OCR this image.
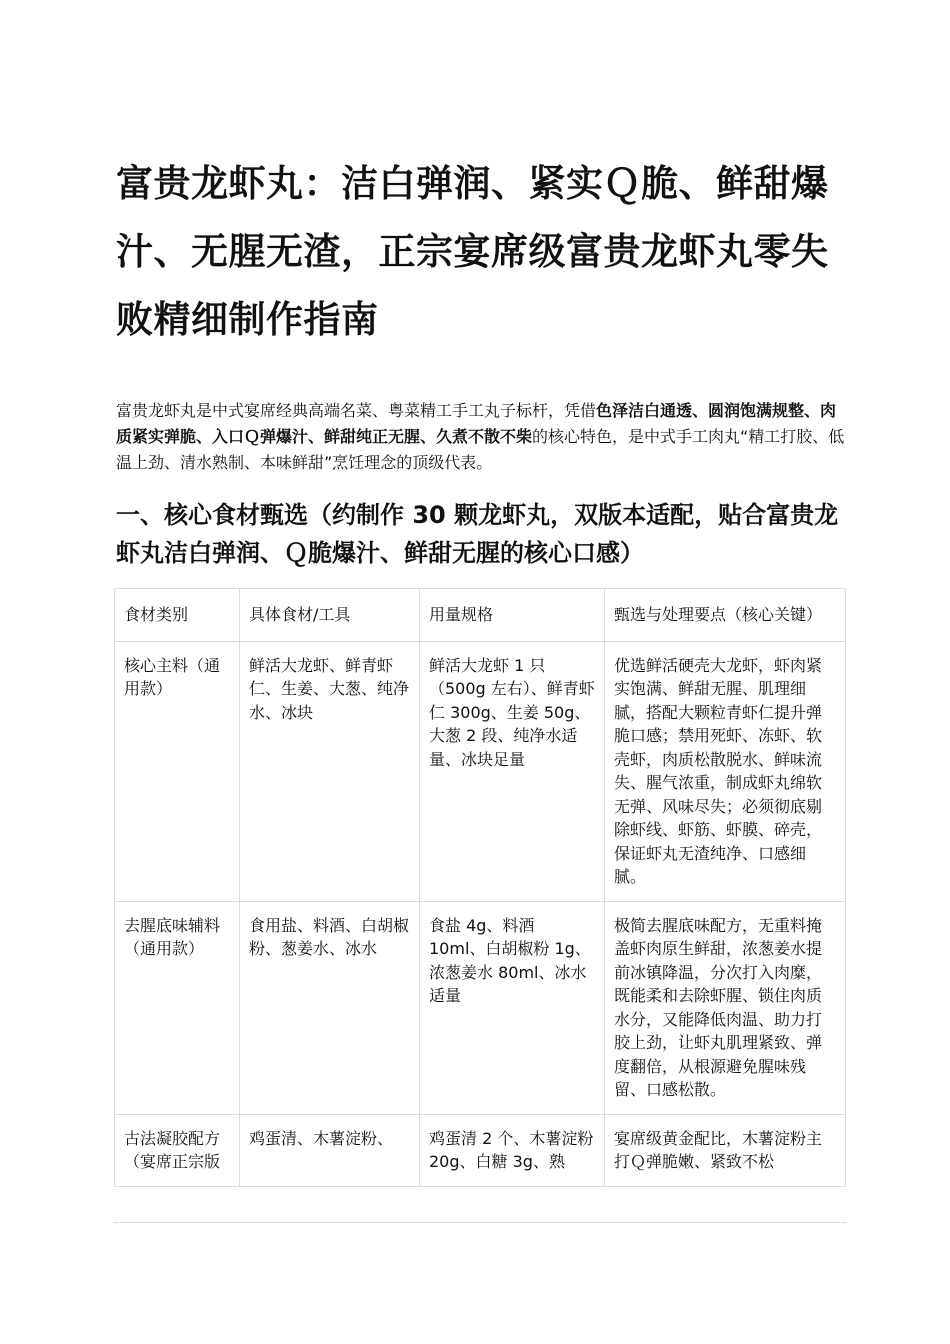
富贵龙虾丸：洁白弹润、紧实Ｑ脆、鲜甜爆汁、无腥无渣，正宗宴席级富贵龙虾丸零失败精细制作指南

富贵龙虾丸是中式宴席经典高端名菜、粤菜精工手工丸子标杆，凭借色泽洁白通透、圆润饱满规整、肉质紧实弹脆、入口Ｑ弹爆汁、鲜甜纯正无腥、久煮不散不柴的核心特色，是中式手工肉丸“精工打胶、低温上劲、清水熟制、本味鲜甜”烹饪理念的顶级代表。

一、核心食材甄选（约制作 30 颗龙虾丸，双版本适配，贴合富贵龙虾丸洁白弹润、Ｑ脆爆汁、鲜甜无腥的核心口感）
食材类别	具体食材/工具	用量规格	甄选与处理要点（核心关键）
核心主料（通用款）	鲜活大龙虾、鲜青虾仁、生姜、大葱、纯净水、冰块	鲜活大龙虾 1 只（500g 左右）、鲜青虾仁 300g、生姜 50g、大葱 2 段、纯净水适量、冰块足量	优选鲜活硬壳大龙虾，虾肉紧实饱满、鲜甜无腥、肌理细腻，搭配大颗粒青虾仁提升弹脆口感；禁用死虾、冻虾、软壳虾，肉质松散脱水、鲜味流失、腥气浓重，制成虾丸绵软无弹、风味尽失；必须彻底剔除虾线、虾筋、虾膜、碎壳，保证虾丸无渣纯净、口感细腻。
去腥底味辅料（通用款）	食用盐、料酒、白胡椒粉、葱姜水、冰水	食盐 4g、料酒 10ml、白胡椒粉 1g、浓葱姜水 80ml、冰水适量	极简去腥底味配方，无重料掩盖虾肉原生鲜甜，浓葱姜水提前冰镇降温，分次打入肉糜，既能柔和去除虾腥、锁住肉质水分，又能降低肉温、助力打胶上劲，让虾丸肌理紧致、弹度翻倍，从根源避免腥味残留、口感松散。
古法凝胶配方（宴席正宗版	鸡蛋清、木薯淀粉、	鸡蛋清 2 个、木薯淀粉 20g、白糖 3g、熟	宴席级黄金配比，木薯淀粉主打Ｑ弹脆嫩、紧致不松
